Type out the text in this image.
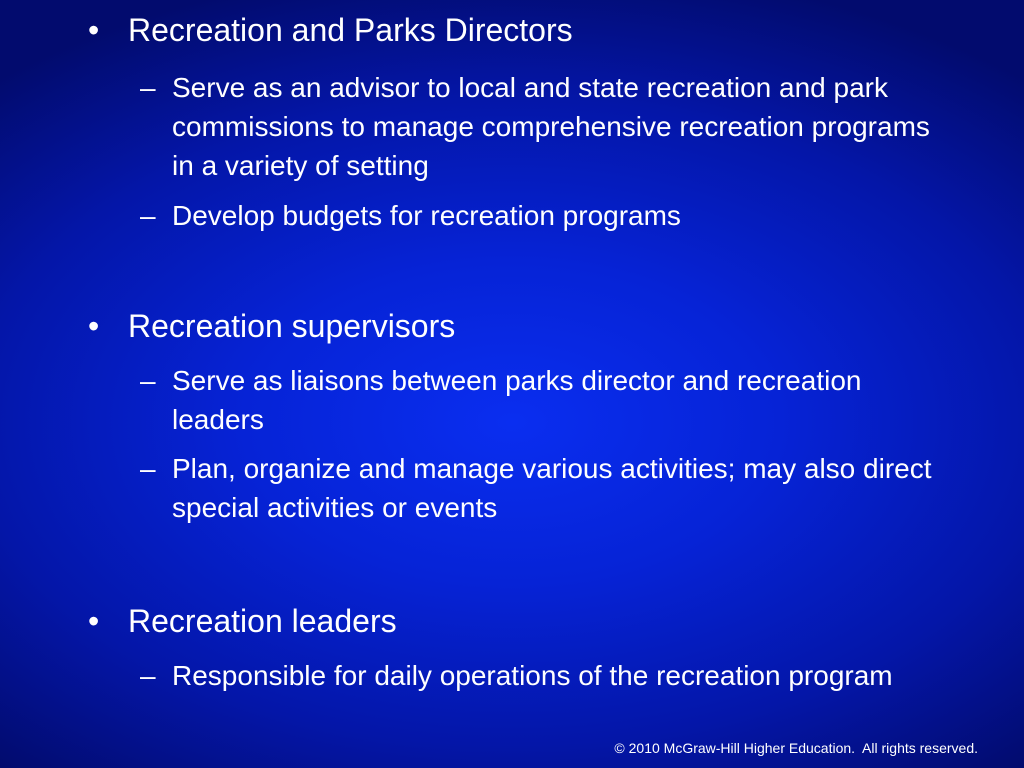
• Recreation and Parks Directors
– Serve as an advisor to local and state recreation and park commissions to manage comprehensive recreation programs in a variety of setting
– Develop budgets for recreation programs
• Recreation supervisors
– Serve as liaisons between parks director and recreation leaders
– Plan, organize and manage various activities; may also direct special activities or events
• Recreation leaders
– Responsible for daily operations of the recreation program
© 2010 McGraw-Hill Higher Education.  All rights reserved.
